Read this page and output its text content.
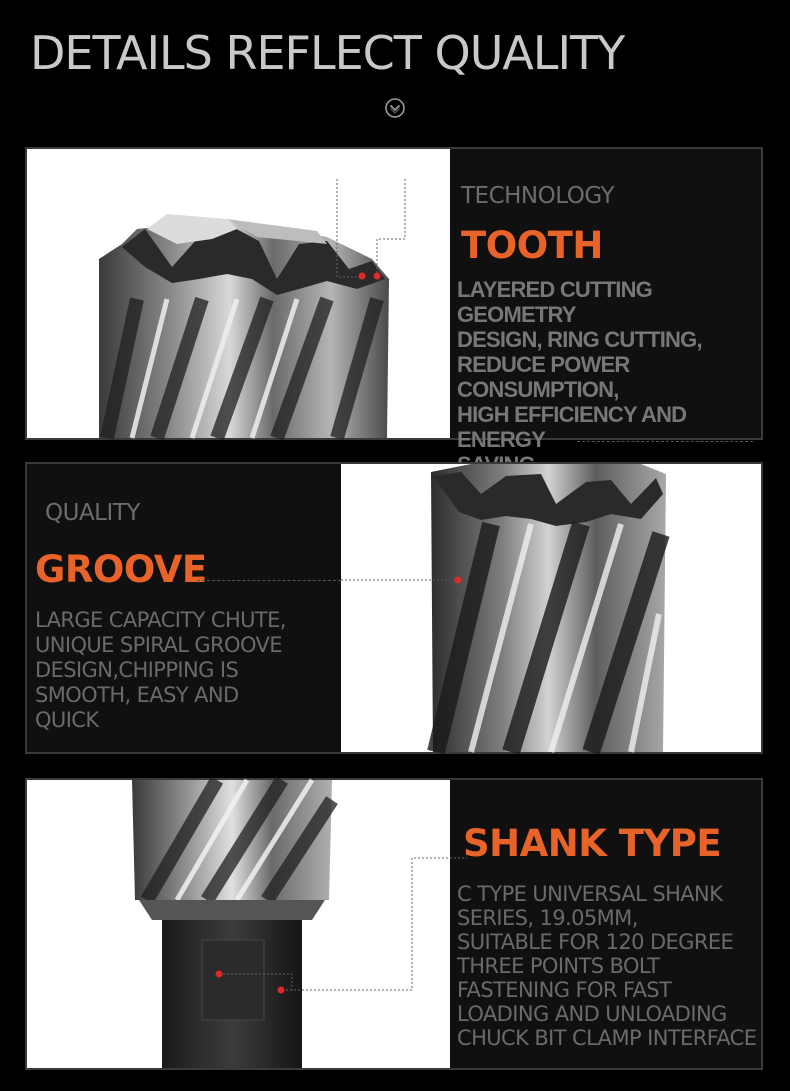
DETAILS REFLECT QUALITY

TECHNOLOGY

TOOTH

LAYERED CUTTING GEOMETRY
DESIGN, RING CUTTING,
REDUCE POWER
CONSUMPTION,
HIGH EFFICIENCY AND ENERGY

QUALITY

GROOVE

LARGE CAPACITY CHUTE,
UNIQUE SPIRAL GROOVE
DESIGN,CHIPPING IS
SMOOTH, EASY AND
QUICK

SHANK TYPE

C TYPE UNIVERSAL SHANK
SERIES, 19.05MM,
SUITABLE FOR 120 DEGREE
THREE POINTS BOLT
FASTENING FOR FAST
LOADING AND UNLOADING
CHUCK BIT CLAMP INTERFACE
